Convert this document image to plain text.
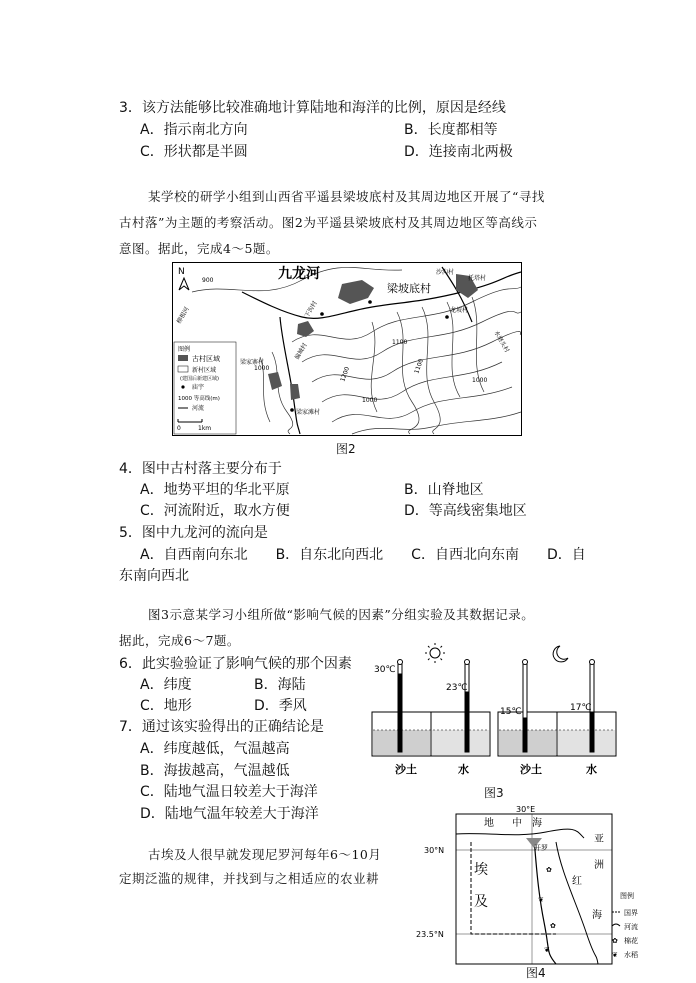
3．该方法能够比较准确地计算陆地和海洋的比例，原因是经线
A．指示南北方向	B．长度都相等
C．形状都是半圆	D．连接南北两极
某学校的研学小组到山西省平遥县梁坡底村及其周边地区开展了“寻找
古村落”为主题的考察活动。图2为平遥县梁坡底村及其周边地区等高线示
意图。据此，完成4～5题。
N	九龙河
梁坡底村
900
柳根河	下沟村
偏城村
梁家寨村
梁家滩村
沙沟村
龙坡村
托塔村
水磨头村
1100
1000	1200	1100
1000
1000
图例
古村区域
新村区域
(建国后新建区域)
庙宇
1000 等高线(m)
河流
0	1km
图2
4．图中古村落主要分布于
A．地势平坦的华北平原	B．山脊地区
C．河流附近，取水方便	D．等高线密集地区
5．图中九龙河的流向是
A．自西南向东北　　B．自东北向西北　　C．自西北向东南　　D．自
东南向西北
图3示意某学习小组所做“影响气候的因素”分组实验及其数据记录。
据此，完成6～7题。
6．此实验验证了影响气候的那个因素
A．纬度	B．海陆
C．地形	D．季风
7．通过该实验得出的正确结论是
A．纬度越低，气温越高
B．海拔越高，气温越低
C．陆地气温日较差大于海洋
D．陆地气温年较差大于海洋
30℃
23℃
15℃	17℃
沙土	水	沙土	水
图3
古埃及人很早就发现尼罗河每年6～10月
定期泛滥的规律，并找到与之相适应的农业耕
30°E
30°N
23.5°N
地 中 海
亚
洲
埃
及
红
海
开罗
✿
❦
✿
❦
图例
国界
河流
✿ 棉花
❦ 水稻
图4
